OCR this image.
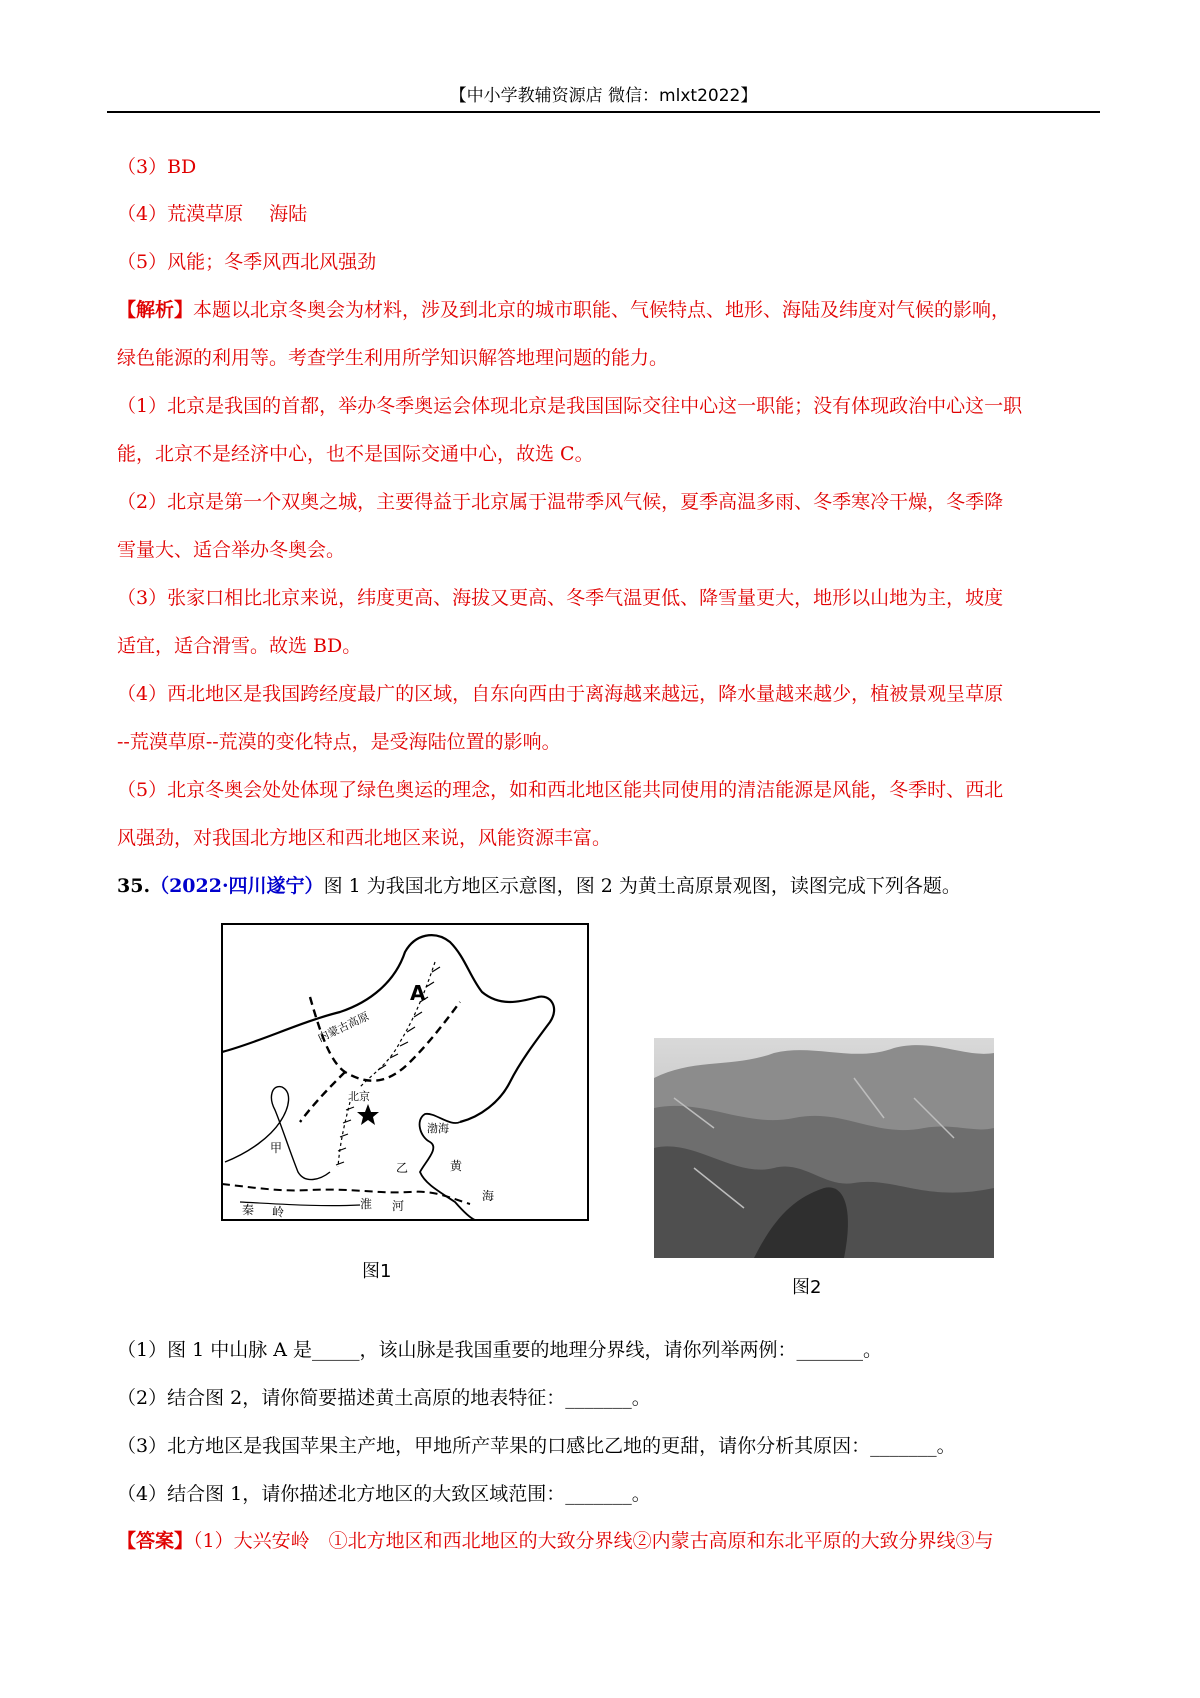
【中小学教辅资源店 微信：mlxt2022】
（3）BD
（4）荒漠草原 海陆
（5）风能；冬季风西北风强劲
【解析】本题以北京冬奥会为材料，涉及到北京的城市职能、气候特点、地形、海陆及纬度对气候的影响，
绿色能源的利用等。考查学生利用所学知识解答地理问题的能力。
（1）北京是我国的首都，举办冬季奥运会体现北京是我国国际交往中心这一职能；没有体现政治中心这一职
能，北京不是经济中心，也不是国际交通中心，故选 C。
（2）北京是第一个双奥之城，主要得益于北京属于温带季风气候，夏季高温多雨、冬季寒冷干燥，冬季降
雪量大、适合举办冬奥会。
（3）张家口相比北京来说，纬度更高、海拔又更高、冬季气温更低、降雪量更大，地形以山地为主，坡度
适宜，适合滑雪。故选 BD。
（4）西北地区是我国跨经度最广的区域，自东向西由于离海越来越远，降水量越来越少，植被景观呈草原
--荒漠草原--荒漠的变化特点，是受海陆位置的影响。
（5）北京冬奥会处处体现了绿色奥运的理念，如和西北地区能共同使用的清洁能源是风能，冬季时、西北
风强劲，对我国北方地区和西北地区来说，风能资源丰富。
35.（2022·四川遂宁）图 1 为我国北方地区示意图，图 2 为黄土高原景观图，读图完成下列各题。
A
内蒙古高原
北京
渤海
甲
乙	黄
海
秦 岭
淮 河
图1
图2
（1）图 1 中山脉 A 是_____，该山脉是我国重要的地理分界线，请你列举两例：_______。
（2）结合图 2，请你简要描述黄土高原的地表特征：_______。
（3）北方地区是我国苹果主产地，甲地所产苹果的口感比乙地的更甜，请你分析其原因：_______。
（4）结合图 1，请你描述北方地区的大致区域范围：_______。
【答案】（1）大兴安岭　①北方地区和西北地区的大致分界线②内蒙古高原和东北平原的大致分界线③与
